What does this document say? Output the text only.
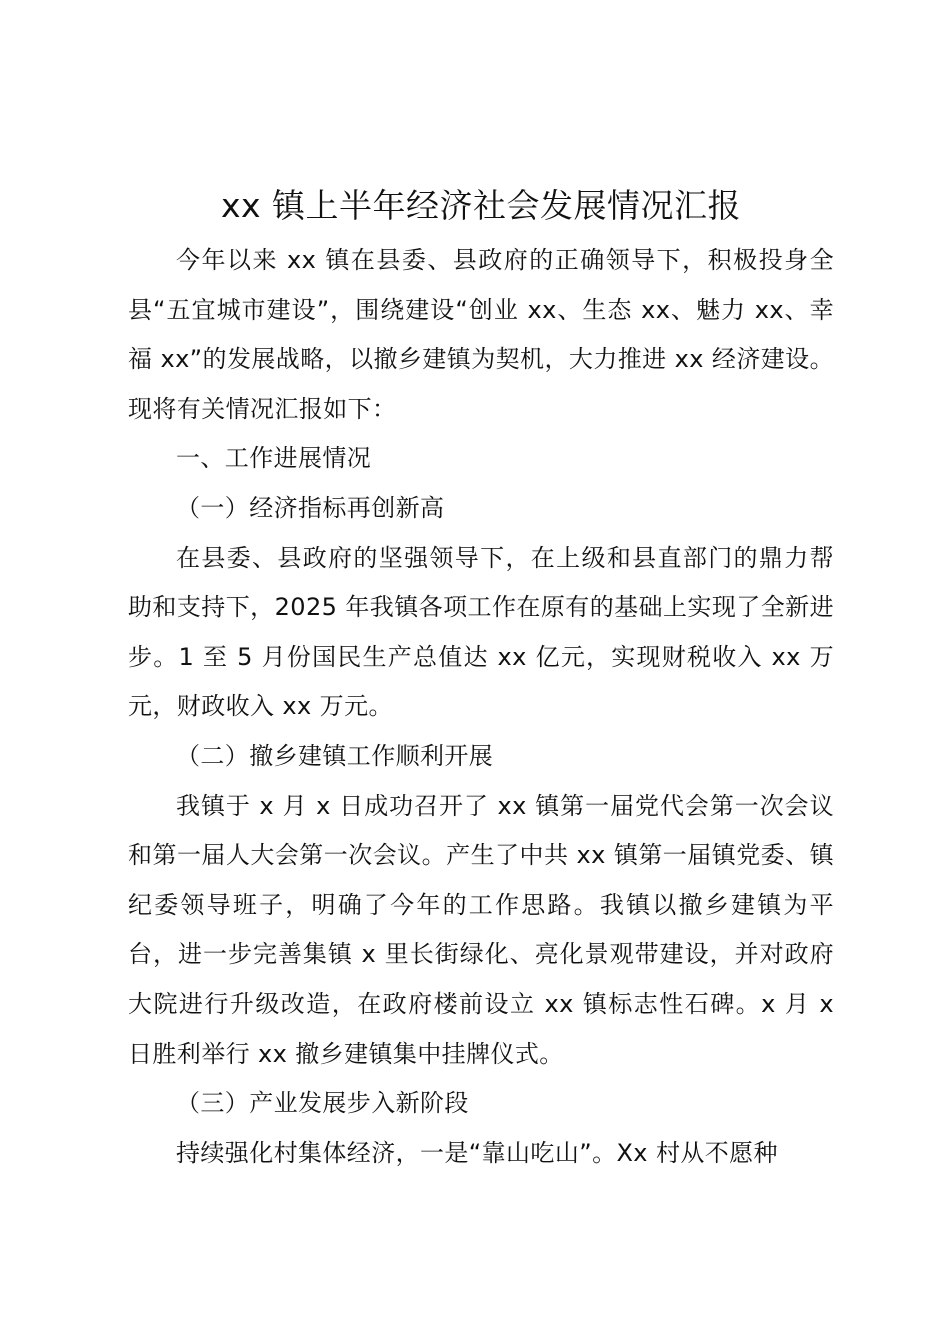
xx 镇上半年经济社会发展情况汇报

今年以来 xx 镇在县委、县政府的正确领导下，积极投身全县“五宜城市建设”，围绕建设“创业 xx、生态 xx、魅力 xx、幸福 xx”的发展战略，以撤乡建镇为契机，大力推进 xx 经济建设。现将有关情况汇报如下：

一、工作进展情况

（一）经济指标再创新高

在县委、县政府的坚强领导下，在上级和县直部门的鼎力帮助和支持下，2025 年我镇各项工作在原有的基础上实现了全新进步。1 至 5 月份国民生产总值达 xx 亿元，实现财税收入 xx 万元，财政收入 xx 万元。

（二）撤乡建镇工作顺利开展

我镇于 x 月 x 日成功召开了 xx 镇第一届党代会第一次会议和第一届人大会第一次会议。产生了中共 xx 镇第一届镇党委、镇纪委领导班子，明确了今年的工作思路。我镇以撤乡建镇为平台，进一步完善集镇 x 里长街绿化、亮化景观带建设，并对政府大院进行升级改造，在政府楼前设立 xx 镇标志性石碑。x 月 x 日胜利举行 xx 撤乡建镇集中挂牌仪式。

（三）产业发展步入新阶段

持续强化村集体经济，一是“靠山吃山”。Xx 村从不愿种
